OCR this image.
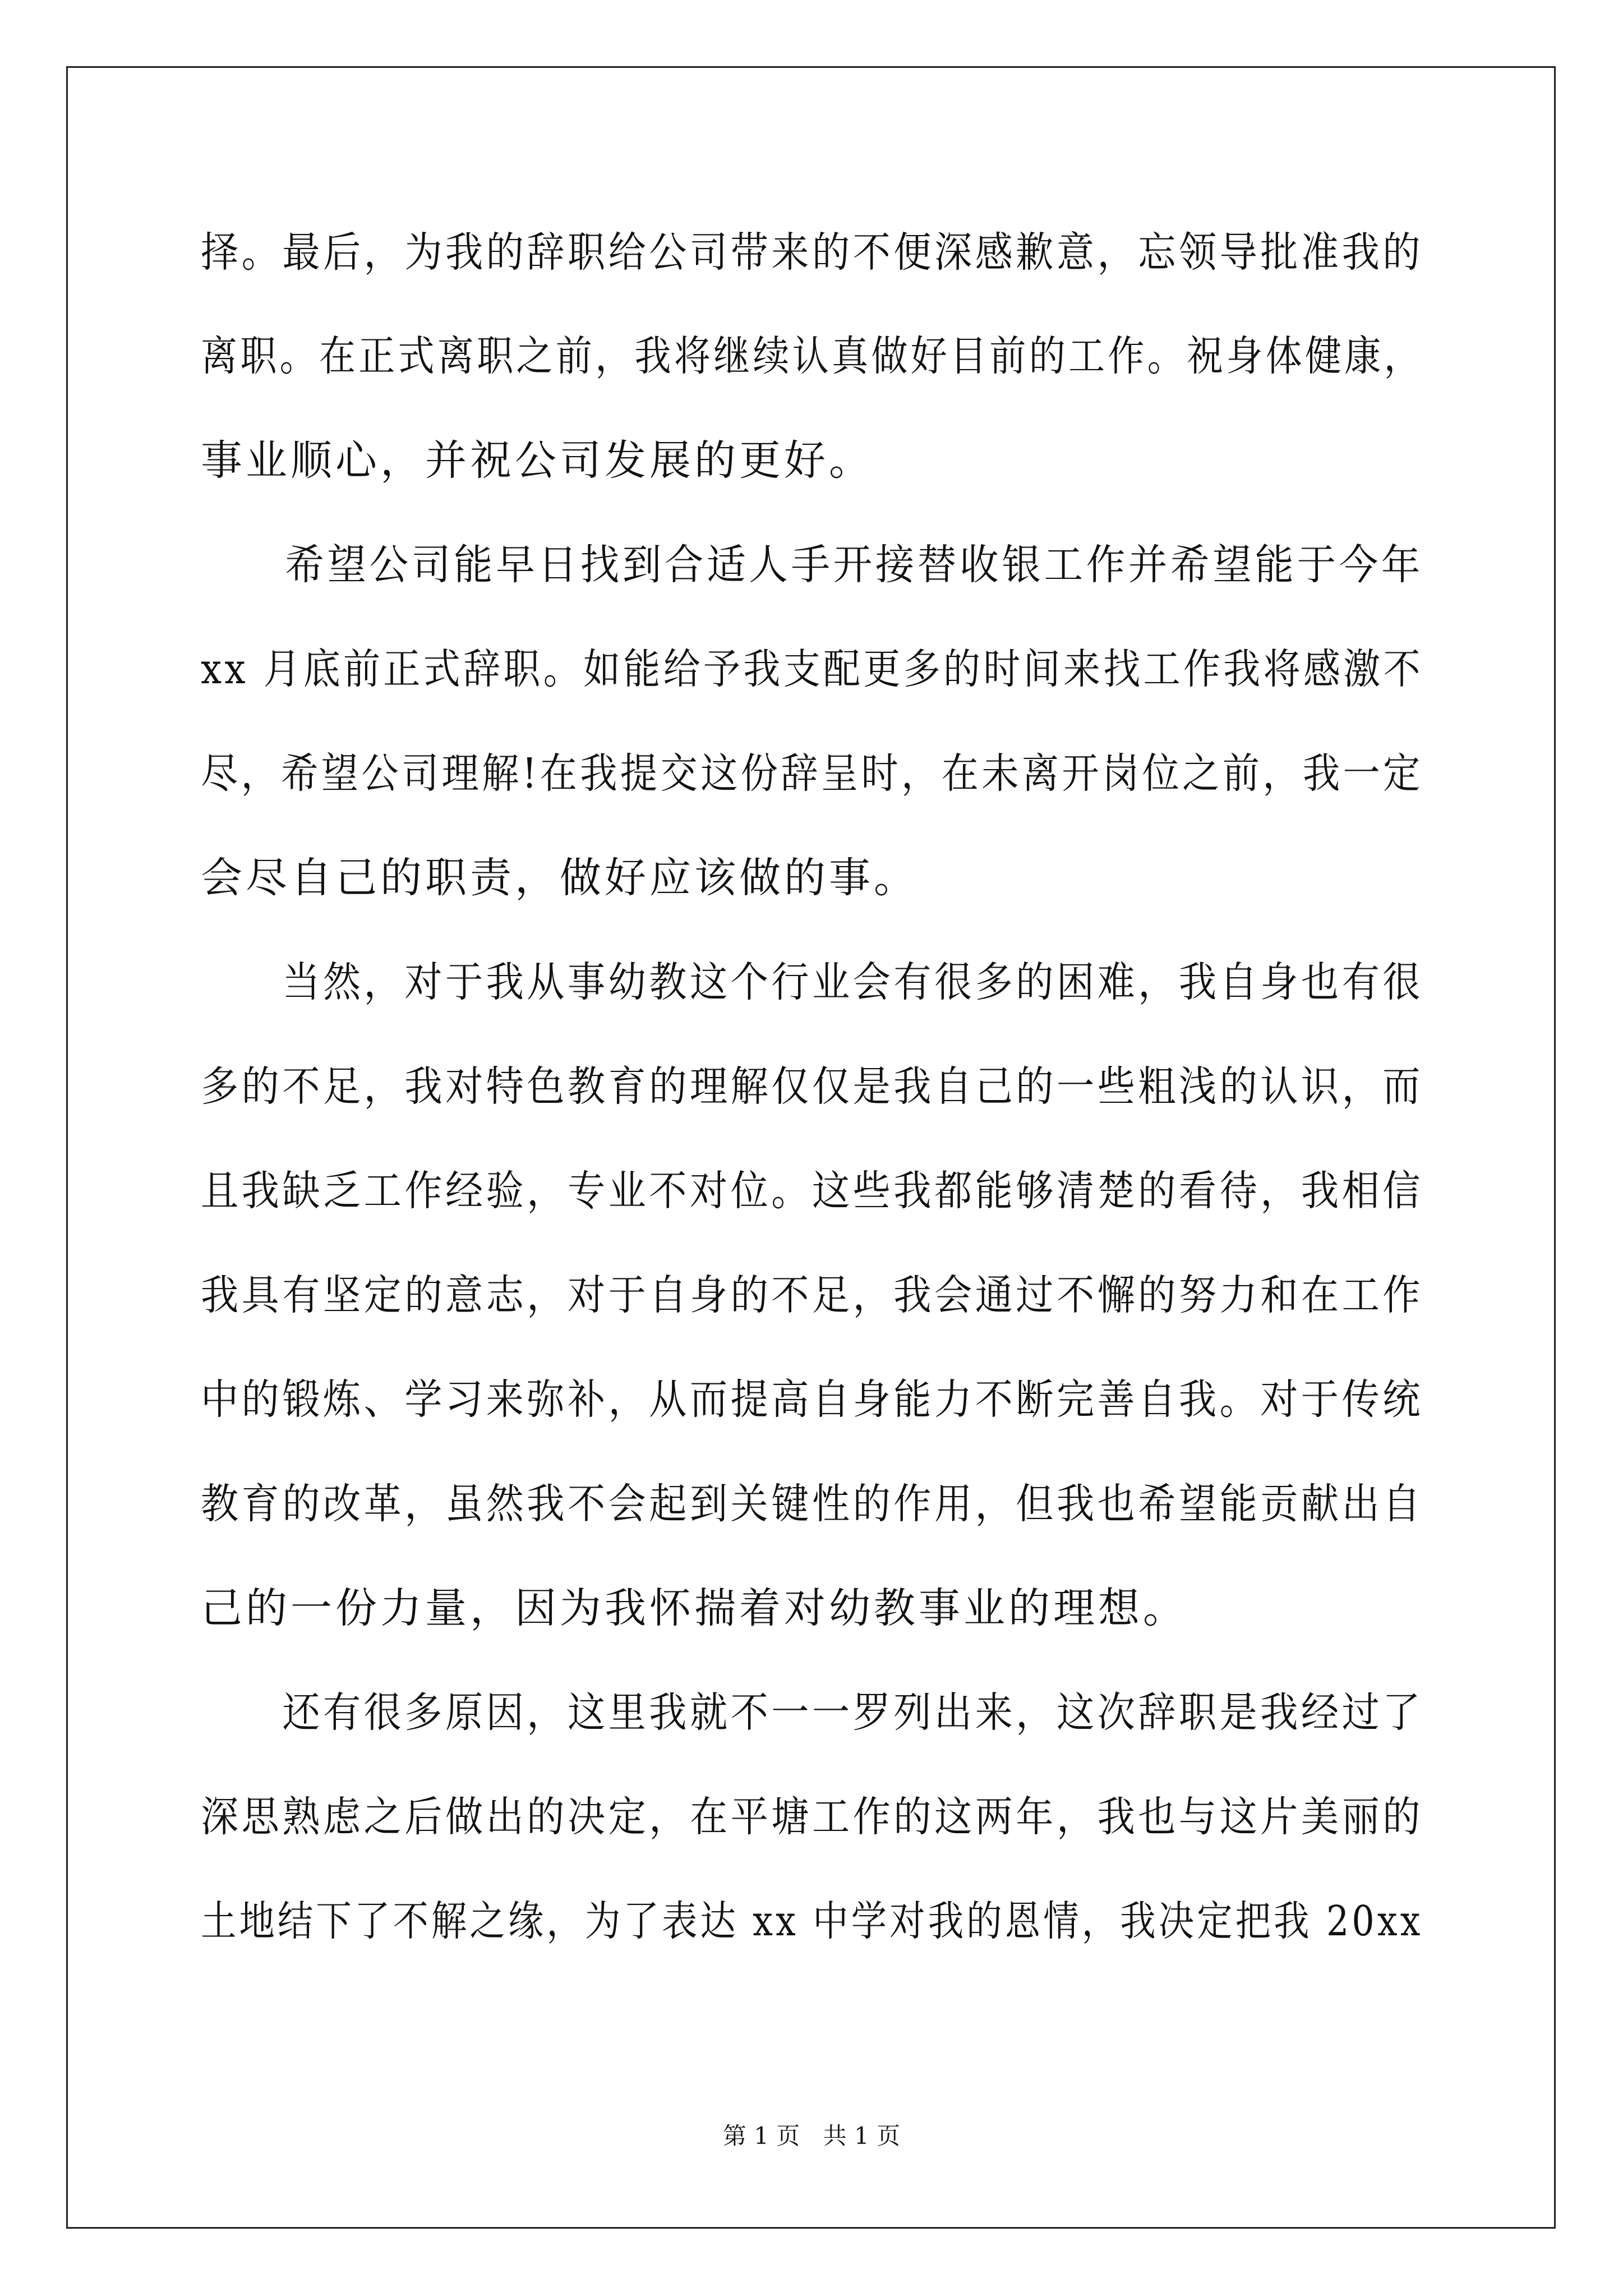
择。最后，为我的辞职给公司带来的不便深感歉意，忘领导批准我的
离职。在正式离职之前，我将继续认真做好目前的工作。祝身体健康，
事业顺心，并祝公司发展的更好。
　　希望公司能早日找到合适人手开接替收银工作并希望能于今年
xx 月底前正式辞职。如能给予我支配更多的时间来找工作我将感激不
尽，希望公司理解!在我提交这份辞呈时，在未离开岗位之前，我一定
会尽自己的职责，做好应该做的事。
　　当然，对于我从事幼教这个行业会有很多的困难，我自身也有很
多的不足，我对特色教育的理解仅仅是我自己的一些粗浅的认识，而
且我缺乏工作经验，专业不对位。这些我都能够清楚的看待，我相信
我具有坚定的意志，对于自身的不足，我会通过不懈的努力和在工作
中的锻炼、学习来弥补，从而提高自身能力不断完善自我。对于传统
教育的改革，虽然我不会起到关键性的作用，但我也希望能贡献出自
己的一份力量，因为我怀揣着对幼教事业的理想。
　　还有很多原因，这里我就不一一罗列出来，这次辞职是我经过了
深思熟虑之后做出的决定，在平塘工作的这两年，我也与这片美丽的
土地结下了不解之缘，为了表达 xx 中学对我的恩情，我决定把我 20xx
第 1 页 共 1 页
